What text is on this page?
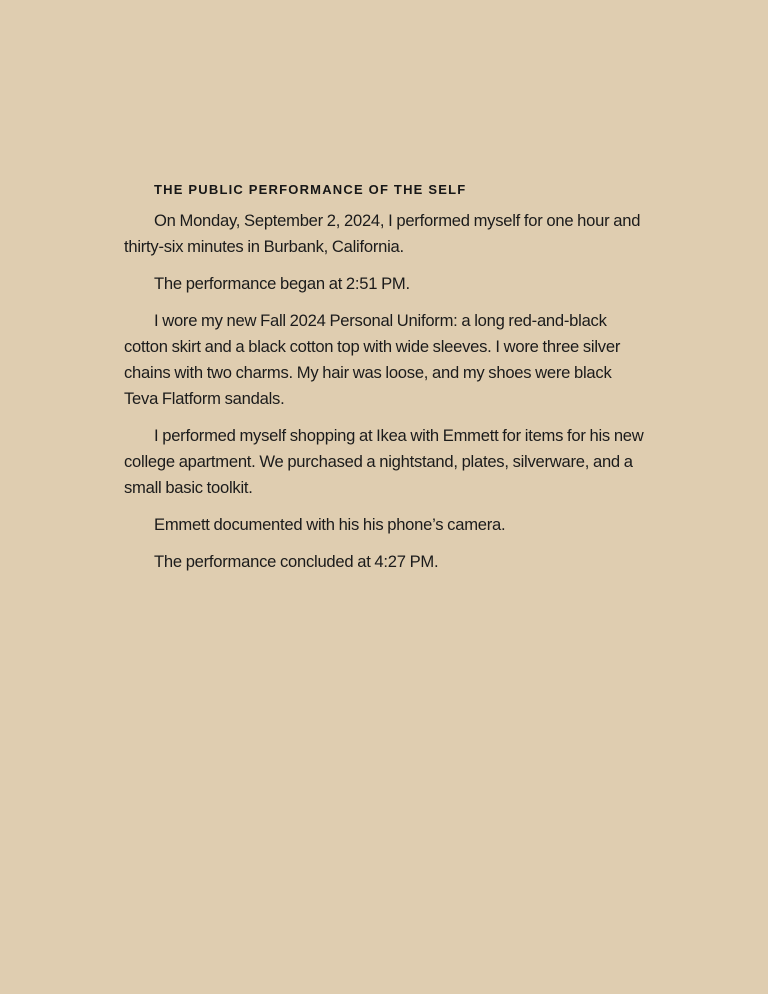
THE PUBLIC PERFORMANCE OF THE SELF

On Monday, September 2, 2024, I performed myself for one hour and thirty-six minutes in Burbank, California.

The performance began at 2:51 PM.

I wore my new Fall 2024 Personal Uniform: a long red-and-black cotton skirt and a black cotton top with wide sleeves. I wore three silver chains with two charms. My hair was loose, and my shoes were black Teva Flatform sandals.

I performed myself shopping at Ikea with Emmett for items for his new college apartment. We purchased a nightstand, plates, silverware, and a small basic toolkit.

Emmett documented with his his phone’s camera.

The performance concluded at 4:27 PM.
